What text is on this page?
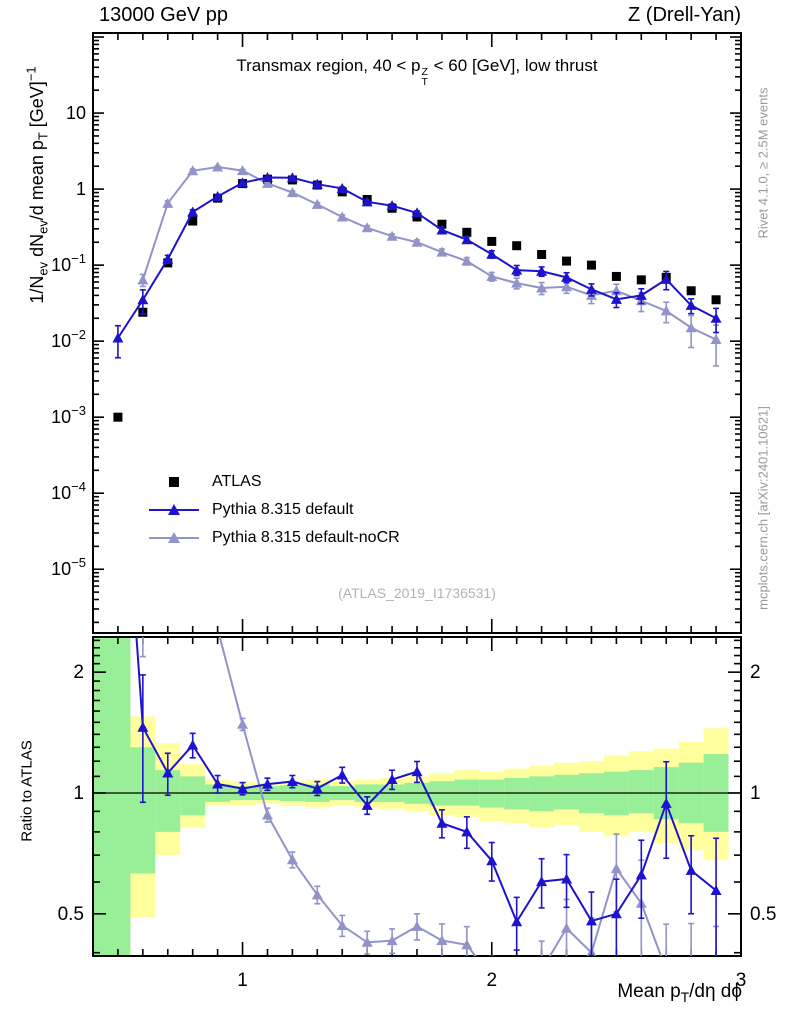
10
1
$10^{-1}$
$10^{-2}$
$10^{-3}$
$10^{-4}$
$10^{-5}$
1	2	3
2	2
1	1
0.5	0.5
13000 GeV pp	Z (Drell-Yan)
Transmax region, 40 < p Z
T
< 60 [GeV], low thrust
$1/N_{ev}$ $dN_{ev}/d$ mean $p_T$ [GeV]$^{-1}$
Ratio to ATLAS
Mean $p_T/d\eta$ dϕ
Rivet 4.1.0, ≥ 2.5M events
mcplots.cern.ch [arXiv:2401.10621]
(ATLAS_2019_I1736531)
ATLAS
Pythia 8.315 default
Pythia 8.315 default-noCR
